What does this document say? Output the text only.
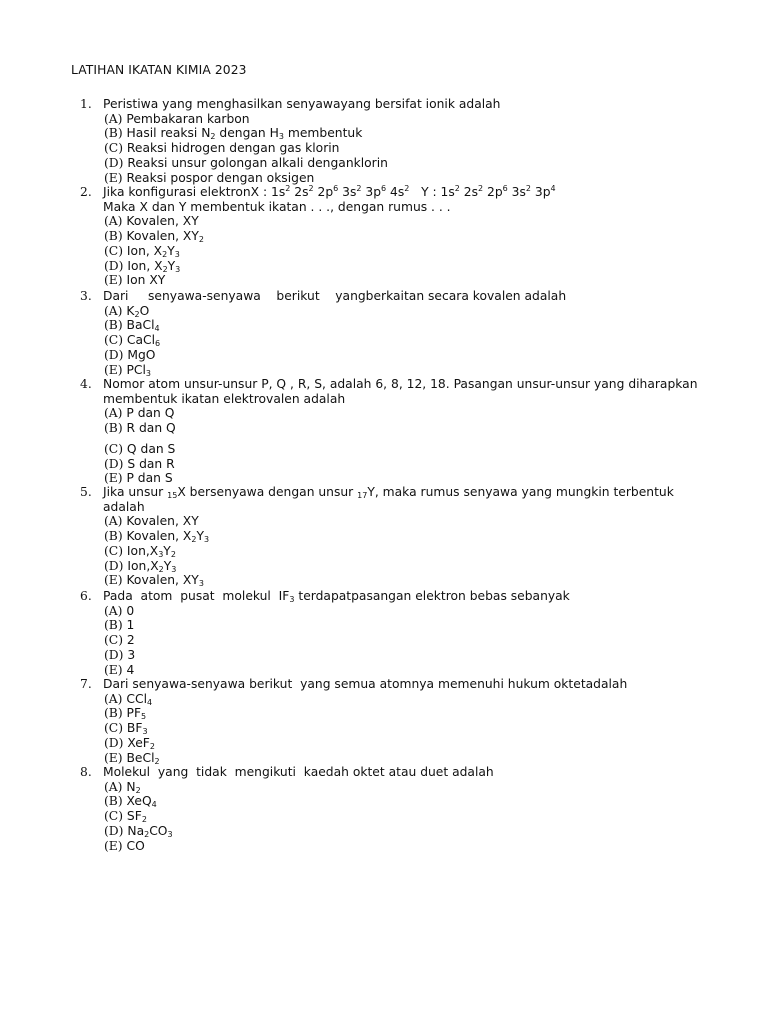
LATIHAN IKATAN KIMIA 2023
1. Peristiwa yang menghasilkan senyawayang bersifat ionik adalah
(A) Pembakaran karbon
(B) Hasil reaksi $N_2$ dengan $H_3$ membentuk
(C) Reaksi hidrogen dengan gas klorin
(D) Reaksi unsur golongan alkali denganklorin
(E) Reaksi pospor dengan oksigen
2. Jika konfigurasi elektronX : $1s^2$ $2s^2$ $2p^6$ $3s^2$ $3p^6$ $4s^2$   Y : $1s^2$ $2s^2$ $2p^6$ $3s^2$ $3p^4$
Maka X dan Y membentuk ikatan . . ., dengan rumus . . .
(A) Kovalen, XY
(B) Kovalen, $XY_2$
(C) Ion, $X_2Y_3$
(D) Ion, $X_2Y_3$
(E) Ion XY
3. Dari     senyawa-senyawa    berikut    yangberkaitan secara kovalen adalah
(A) $K_2O$
(B) BaCl$_4$
(C) CaCl$_6$
(D) MgO
(E) PCl$_3$
4. Nomor atom unsur-unsur P, Q , R, S, adalah 6, 8, 12, 18. Pasangan unsur-unsur yang diharapkan
membentuk ikatan elektrovalen adalah
(A) P dan Q
(B) R dan Q
(C) Q dan S
(D) S dan R
(E) P dan S
5. Jika unsur $_{15}$X bersenyawa dengan unsur $_{17}$Y, maka rumus senyawa yang mungkin terbentuk
adalah
(A) Kovalen, XY
(B) Kovalen, $X_2Y_3$
(C) $Ion,X_3Y_2$
(D) $Ion,X_2Y_3$
(E) Kovalen, $XY_3$
6. Pada  atom  pusat  molekul  $IF_3$ terdapatpasangan elektron bebas sebanyak
(A) 0
(B) 1
(C) 2
(D) 3
(E) 4
7. Dari senyawa-senyawa berikut  yang semua atomnya memenuhi hukum oktetadalah
(A) CCl$_4$
(B) $PF_5$
(C) $BF_3$
(D) XeF$_2$
(E) BeCl$_2$
8. Molekul  yang  tidak  mengikuti  kaedah oktet atau duet adalah
(A) $N_2$
(B) XeQ$_4$
(C) $SF_2$
(D) $Na_2CO_3$
(E) CO
